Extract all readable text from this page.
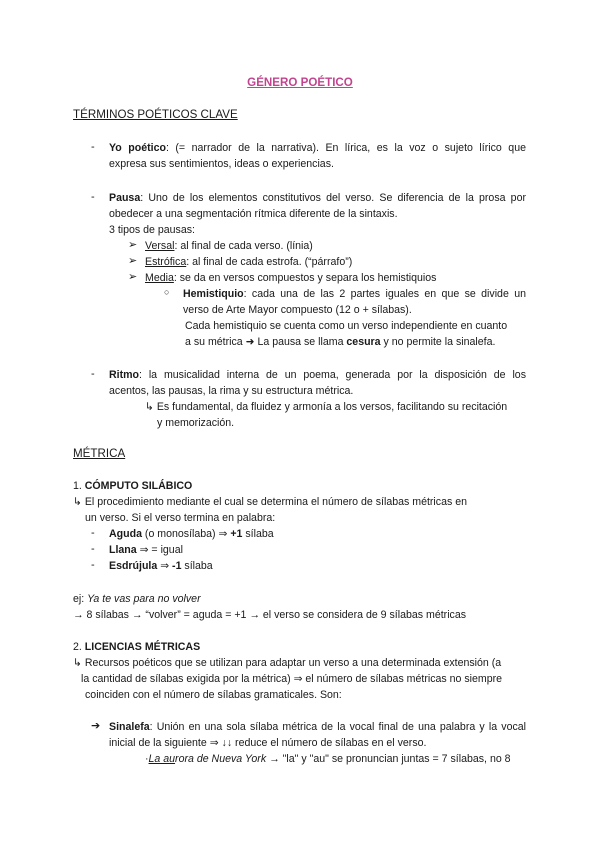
GÉNERO POÉTICO
TÉRMINOS POÉTICOS CLAVE
- Yo poético: (= narrador de la narrativa). En lírica, es la voz o sujeto lírico que
expresa sus sentimientos, ideas o experiencias.
- Pausa: Uno de los elementos constitutivos del verso. Se diferencia de la prosa por
obedecer a una segmentación rítmica diferente de la sintaxis.
3 tipos de pausas:
➢ Versal: al final de cada verso. (línia)
➢ Estrófica: al final de cada estrofa. (“párrafo”)
➢ Media: se da en versos compuestos y separa los hemistiquios
○ Hemistiquio: cada una de las 2 partes iguales en que se divide un
verso de Arte Mayor compuesto (12 o + sílabas).
Cada hemistiquio se cuenta como un verso independiente en cuanto
a su métrica ➜ La pausa se llama cesura y no permite la sinalefa.
- Ritmo: la musicalidad interna de un poema, generada por la disposición de los
acentos, las pausas, la rima y su estructura métrica.
↳ Es fundamental, da fluidez y armonía a los versos, facilitando su recitación
y memorización.
MÉTRICA
1. CÓMPUTO SILÁBICO
↳ El procedimiento mediante el cual se determina el número de sílabas métricas en
un verso. Si el verso termina en palabra:
- Aguda (o monosílaba) ⇒ +1 sílaba
- Llana ⇒ = igual
- Esdrújula ⇒ -1 sílaba
ej: Ya te vas para no volver
→ 8 sílabas → “volver” = aguda = +1 → el verso se considera de 9 sílabas métricas
2. LICENCIAS MÉTRICAS
↳ Recursos poéticos que se utilizan para adaptar un verso a una determinada extensión (a
la cantidad de sílabas exigida por la métrica) ⇒ el número de sílabas métricas no siempre
coinciden con el número de sílabas gramaticales. Son:
➔ Sinalefa: Unión en una sola sílaba métrica de la vocal final de una palabra y la vocal
inicial de la siguiente ⇒ ↓↓ reduce el número de sílabas en el verso.
·La aurora de Nueva York → "la" y "au" se pronuncian juntas = 7 sílabas, no 8
